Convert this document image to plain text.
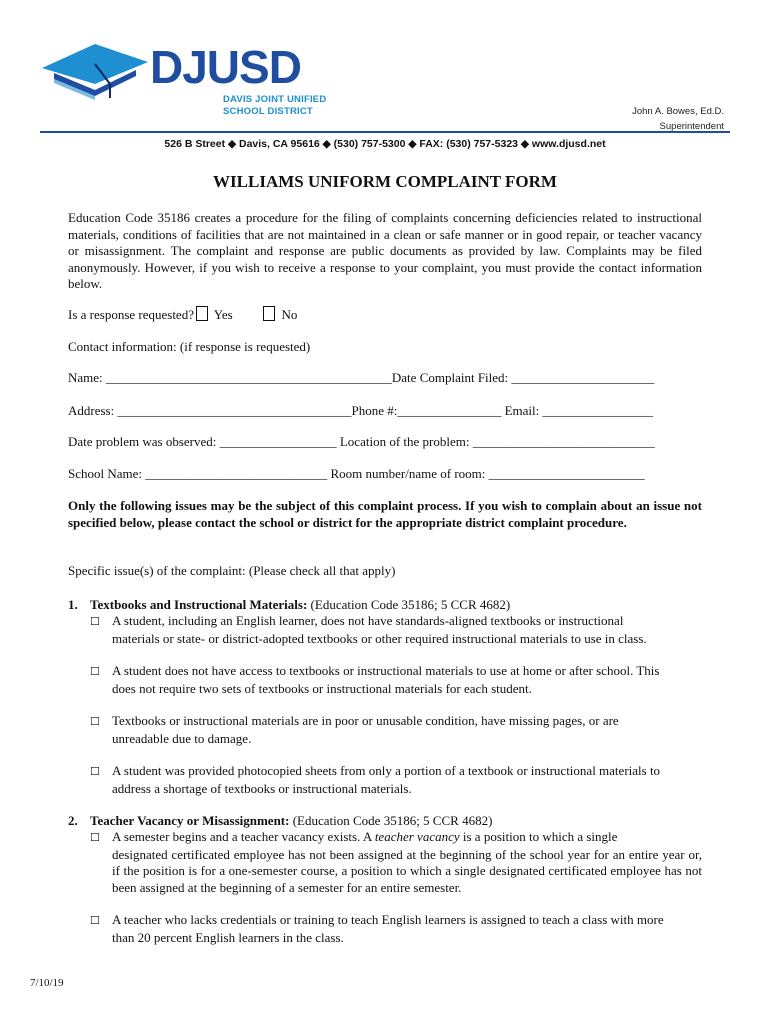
DJUSD
DAVIS JOINT UNIFIED
SCHOOL DISTRICT	John A. Bowes, Ed.D.
Superintendent
526 B Street ◆ Davis, CA 95616 ◆ (530) 757-5300 ◆ FAX: (530) 757-5323 ◆ www.djusd.net
WILLIAMS UNIFORM COMPLAINT FORM
Education Code 35186 creates a procedure for the filing of complaints concerning deficiencies related to instructional materials, conditions of facilities that are not maintained in a clean or safe manner or in good repair, or teacher vacancy or misassignment. The complaint and response are public documents as provided by law. Complaints may be filed anonymously. However, if you wish to receive a response to your complaint, you must provide the contact information below.
Is a response requested? Yes	No
Contact information: (if response is requested)
Name: ____________________________________________Date Complaint Filed: ______________________
Address: ____________________________________Phone #:________________ Email: _________________
Date problem was observed: __________________ Location of the problem: ____________________________
School Name: ____________________________ Room number/name of room: ________________________
Only the following issues may be the subject of this complaint process. If you wish to complain about an issue not specified below, please contact the school or district for the appropriate district complaint procedure.
Specific issue(s) of the complaint: (Please check all that apply)
1. Textbooks and Instructional Materials: (Education Code 35186; 5 CCR 4682)
☐ A student, including an English learner, does not have standards-aligned textbooks or instructional
materials or state- or district-adopted textbooks or other required instructional materials to use in class.
☐ A student does not have access to textbooks or instructional materials to use at home or after school. This
does not require two sets of textbooks or instructional materials for each student.
☐ Textbooks or instructional materials are in poor or unusable condition, have missing pages, or are
unreadable due to damage.
☐ A student was provided photocopied sheets from only a portion of a textbook or instructional materials to
address a shortage of textbooks or instructional materials.
2. Teacher Vacancy or Misassignment: (Education Code 35186; 5 CCR 4682)
☐ A semester begins and a teacher vacancy exists. A teacher vacancy is a position to which a single
designated certificated employee has not been assigned at the beginning of the school year for an entire year or, if the position is for a one-semester course, a position to which a single designated certificated employee has not been assigned at the beginning of a semester for an entire semester.
☐ A teacher who lacks credentials or training to teach English learners is assigned to teach a class with more
than 20 percent English learners in the class.
7/10/19
